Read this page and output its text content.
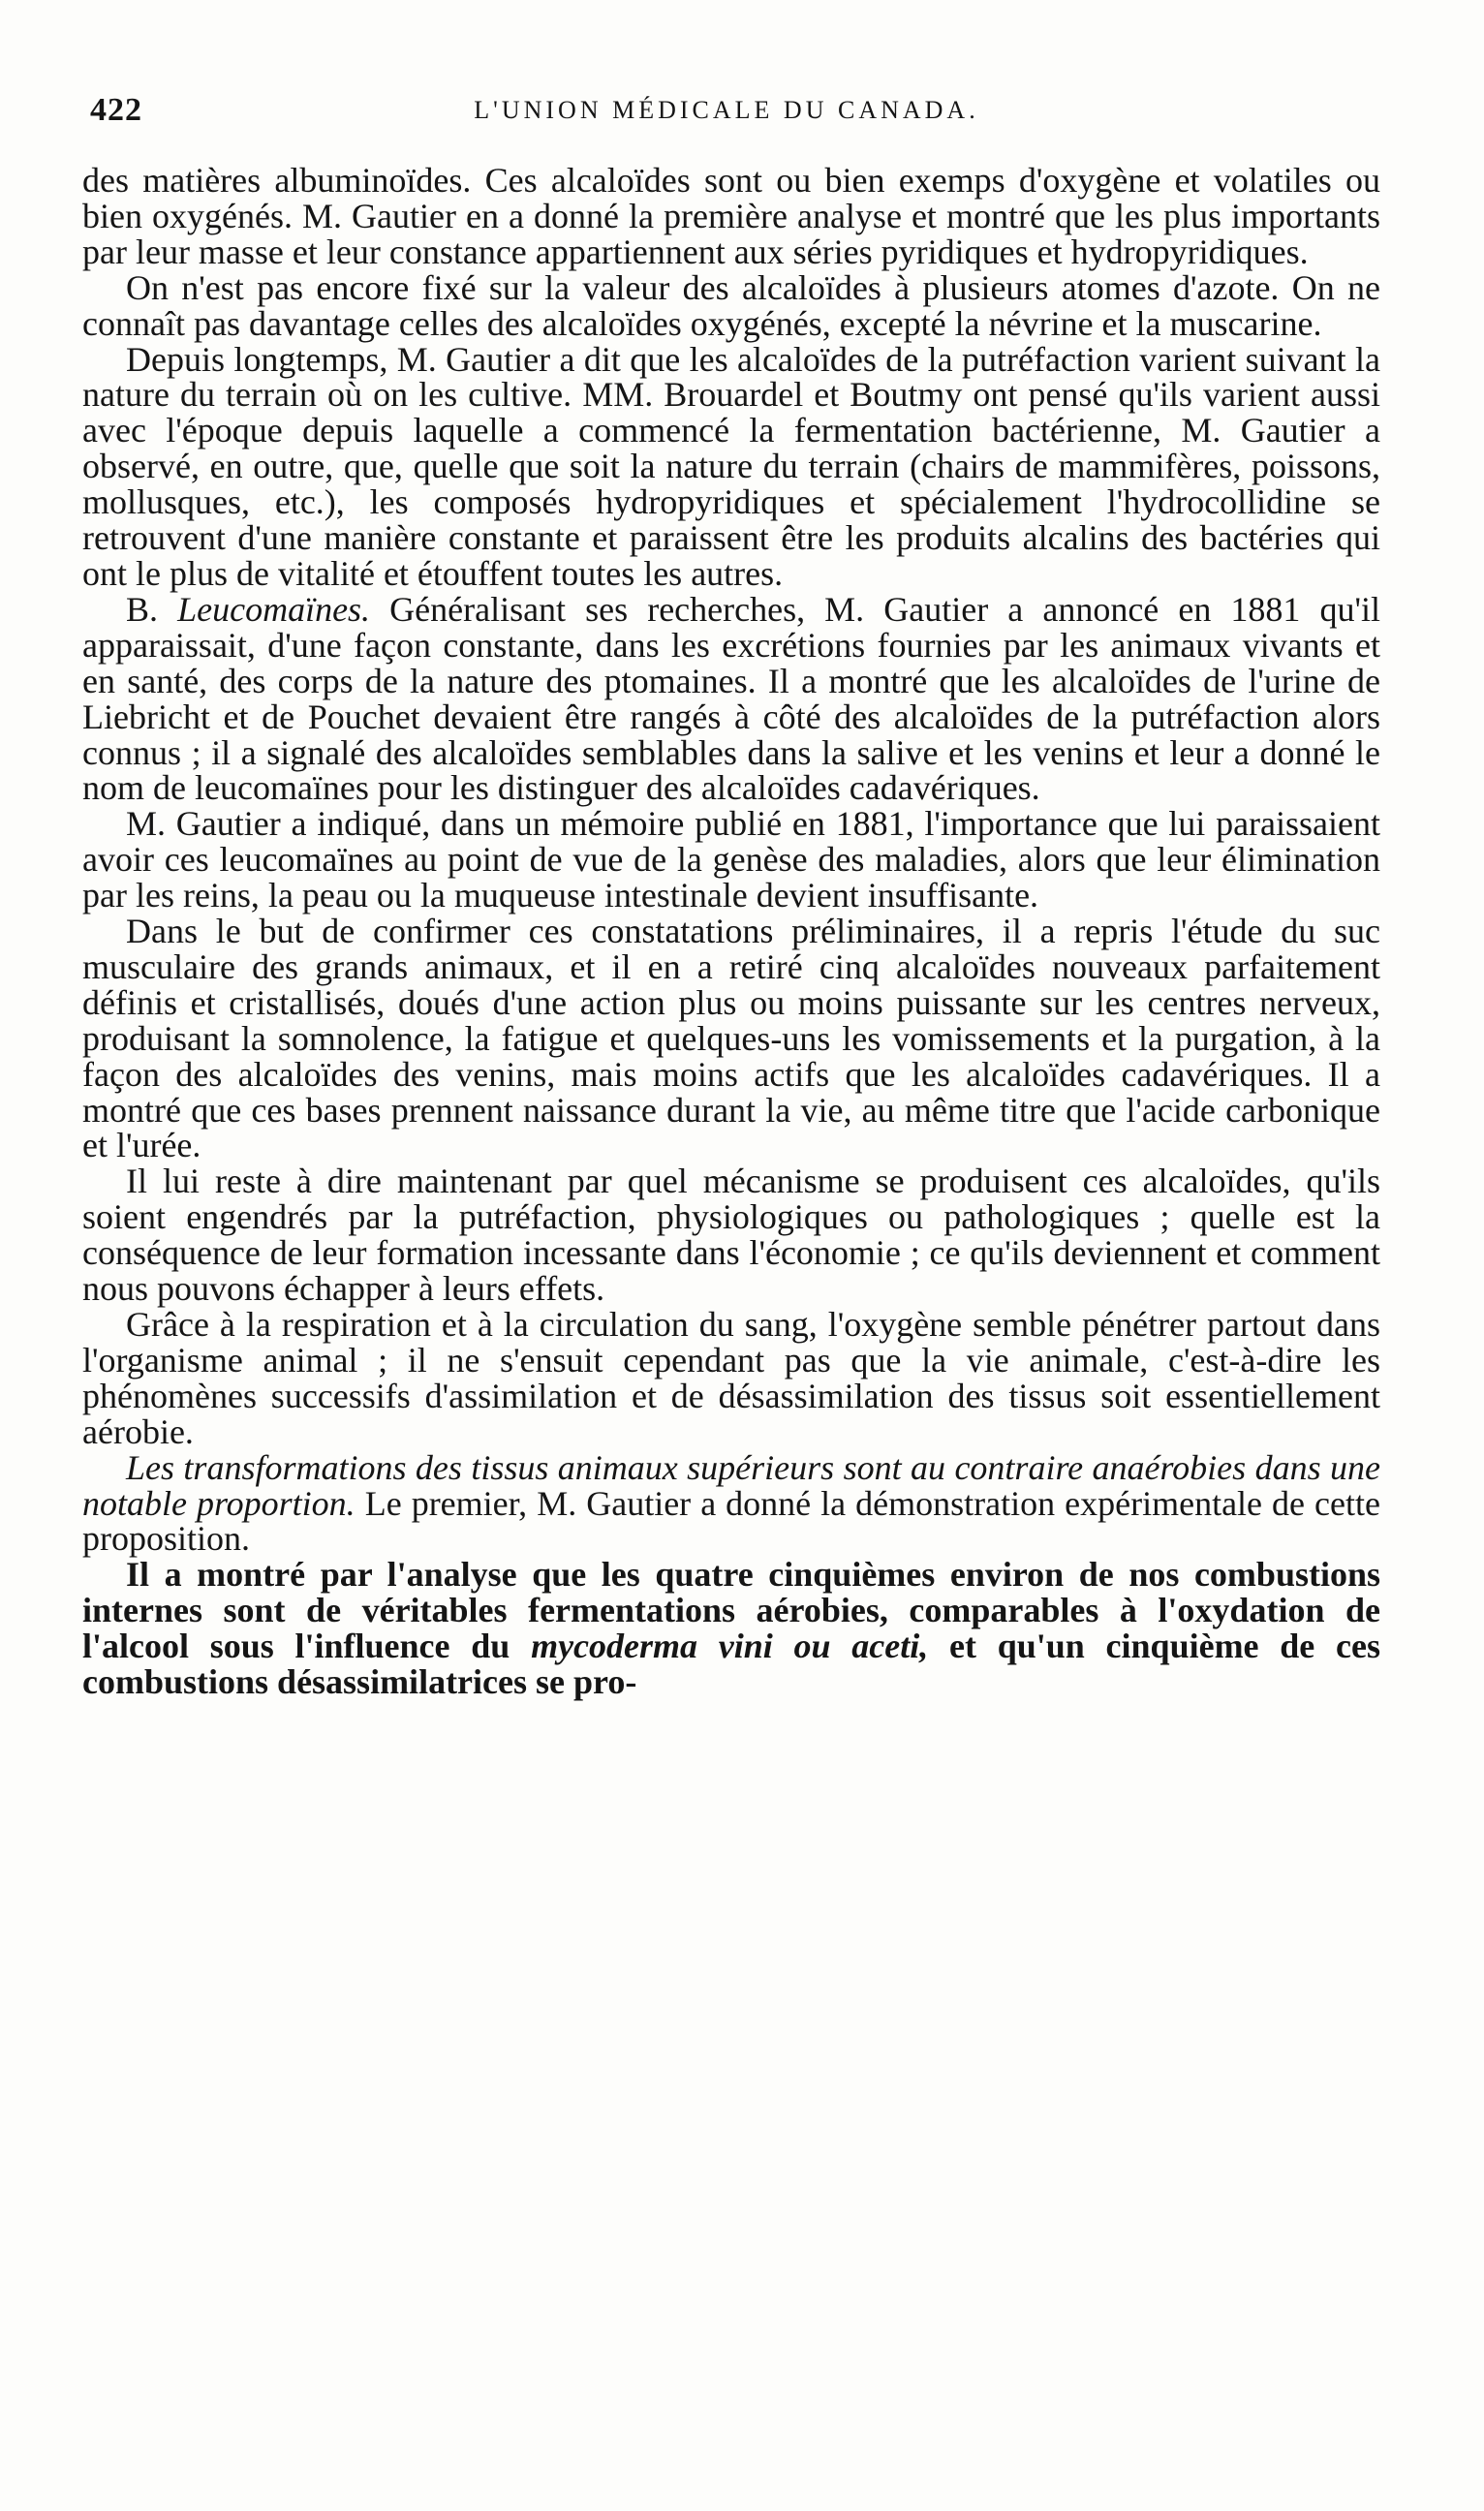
422	L'UNION MÉDICALE DU CANADA.

des matières albuminoïdes. Ces alcaloïdes sont ou bien exemps d'oxygène et volatiles ou bien oxygénés. M. Gautier en a donné la première analyse et montré que les plus importants par leur masse et leur constance appartiennent aux séries pyridiques et hydropyridiques.

On n'est pas encore fixé sur la valeur des alcaloïdes à plusieurs atomes d'azote. On ne connaît pas davantage celles des alcaloïdes oxygénés, excepté la névrine et la muscarine.

Depuis longtemps, M. Gautier a dit que les alcaloïdes de la putréfaction varient suivant la nature du terrain où on les cultive. MM. Brouardel et Boutmy ont pensé qu'ils varient aussi avec l'époque depuis laquelle a commencé la fermentation bactérienne, M. Gautier a observé, en outre, que, quelle que soit la nature du terrain (chairs de mammifères, poissons, mollusques, etc.), les composés hydropyridiques et spécialement l'hydrocollidine se retrouvent d'une manière constante et paraissent être les produits alcalins des bactéries qui ont le plus de vitalité et étouffent toutes les autres.

B. Leucomaïnes. Généralisant ses recherches, M. Gautier a annoncé en 1881 qu'il apparaissait, d'une façon constante, dans les excrétions fournies par les animaux vivants et en santé, des corps de la nature des ptomaines. Il a montré que les alcaloïdes de l'urine de Liebricht et de Pouchet devaient être rangés à côté des alcaloïdes de la putréfaction alors connus ; il a signalé des alcaloïdes semblables dans la salive et les venins et leur a donné le nom de leucomaïnes pour les distinguer des alcaloïdes cadavériques.

M. Gautier a indiqué, dans un mémoire publié en 1881, l'importance que lui paraissaient avoir ces leucomaïnes au point de vue de la genèse des maladies, alors que leur élimination par les reins, la peau ou la muqueuse intestinale devient insuffisante.

Dans le but de confirmer ces constatations préliminaires, il a repris l'étude du suc musculaire des grands animaux, et il en a retiré cinq alcaloïdes nouveaux parfaitement définis et cristallisés, doués d'une action plus ou moins puissante sur les centres nerveux, produisant la somnolence, la fatigue et quelques-uns les vomissements et la purgation, à la façon des alcaloïdes des venins, mais moins actifs que les alcaloïdes cadavériques. Il a montré que ces bases prennent naissance durant la vie, au même titre que l'acide carbonique et l'urée.

Il lui reste à dire maintenant par quel mécanisme se produisent ces alcaloïdes, qu'ils soient engendrés par la putréfaction, physiologiques ou pathologiques ; quelle est la conséquence de leur formation incessante dans l'économie ; ce qu'ils deviennent et comment nous pouvons échapper à leurs effets.

Grâce à la respiration et à la circulation du sang, l'oxygène semble pénétrer partout dans l'organisme animal ; il ne s'ensuit cependant pas que la vie animale, c'est-à-dire les phénomènes successifs d'assimilation et de désassimilation des tissus soit essentiellement aérobie.

Les transformations des tissus animaux supérieurs sont au contraire anaérobies dans une notable proportion. Le premier, M. Gautier a donné la démonstration expérimentale de cette proposition.

Il a montré par l'analyse que les quatre cinquièmes environ de nos combustions internes sont de véritables fermentations aérobies, comparables à l'oxydation de l'alcool sous l'influence du mycoderma vini ou aceti, et qu'un cinquième de ces combustions désassimilatrices se pro-
